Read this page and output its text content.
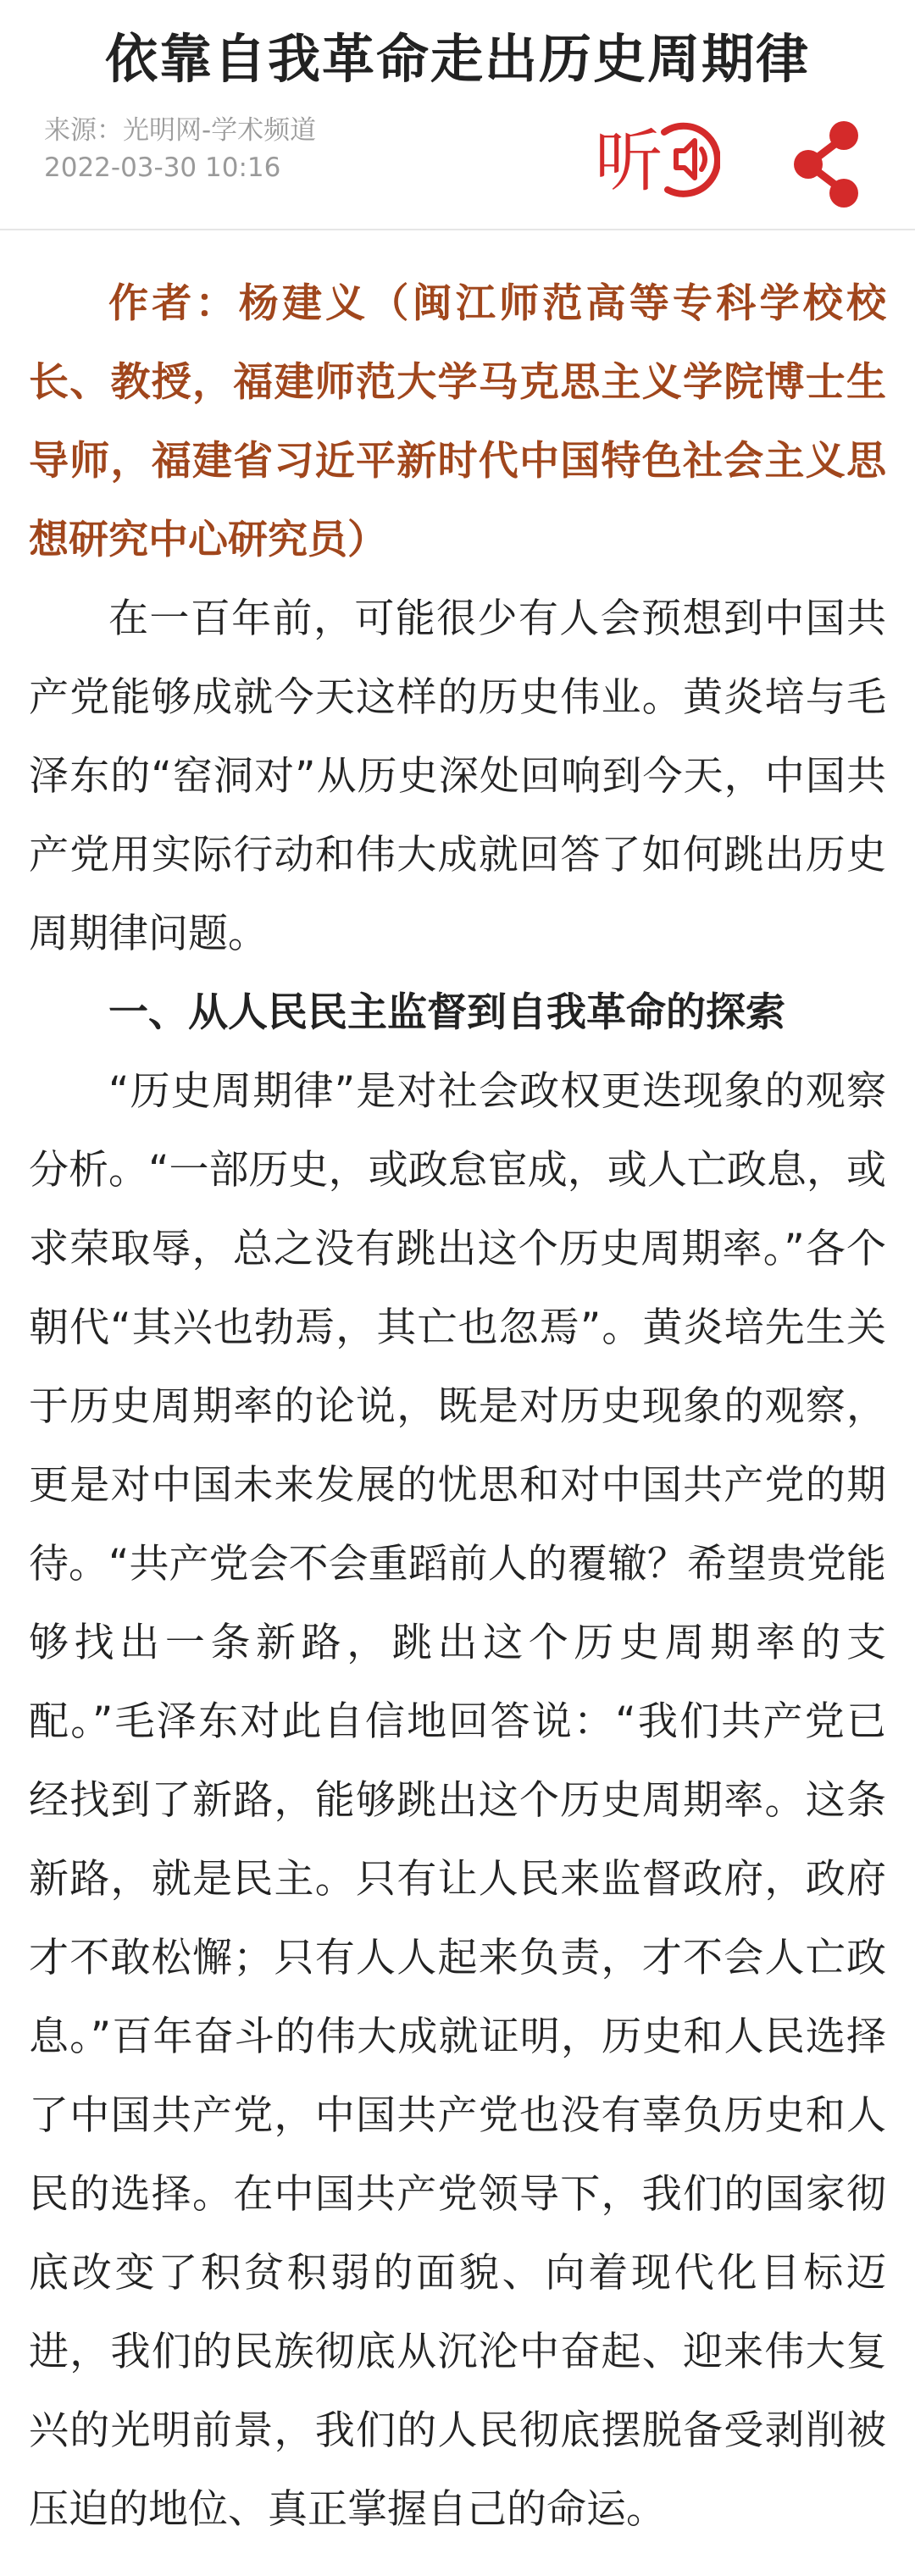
依靠自我革命走出历史周期律
来源：光明网-学术频道
2022-03-30 10:16	听

作者：杨建义（闽江师范高等专科学校校长、教授，福建师范大学马克思主义学院博士生导师，福建省习近平新时代中国特色社会主义思想研究中心研究员）

在一百年前，可能很少有人会预想到中国共产党能够成就今天这样的历史伟业。黄炎培与毛泽东的“窑洞对”从历史深处回响到今天，中国共产党用实际行动和伟大成就回答了如何跳出历史周期律问题。

一、从人民民主监督到自我革命的探索

“历史周期律”是对社会政权更迭现象的观察分析。“一部历史，或政怠宦成，或人亡政息，或求荣取辱，总之没有跳出这个历史周期率。”各个朝代“其兴也勃焉，其亡也忽焉”。黄炎培先生关于历史周期率的论说，既是对历史现象的观察，更是对中国未来发展的忧思和对中国共产党的期待。“共产党会不会重蹈前人的覆辙？希望贵党能够找出一条新路，跳出这个历史周期率的支配。”毛泽东对此自信地回答说：“我们共产党已经找到了新路，能够跳出这个历史周期率。这条新路，就是民主。只有让人民来监督政府，政府才不敢松懈；只有人人起来负责，才不会人亡政息。”百年奋斗的伟大成就证明，历史和人民选择了中国共产党，中国共产党也没有辜负历史和人民的选择。在中国共产党领导下，我们的国家彻底改变了积贫积弱的面貌、向着现代化目标迈进，我们的民族彻底从沉沦中奋起、迎来伟大复兴的光明前景，我们的人民彻底摆脱备受剥削被压迫的地位、真正掌握自己的命运。
